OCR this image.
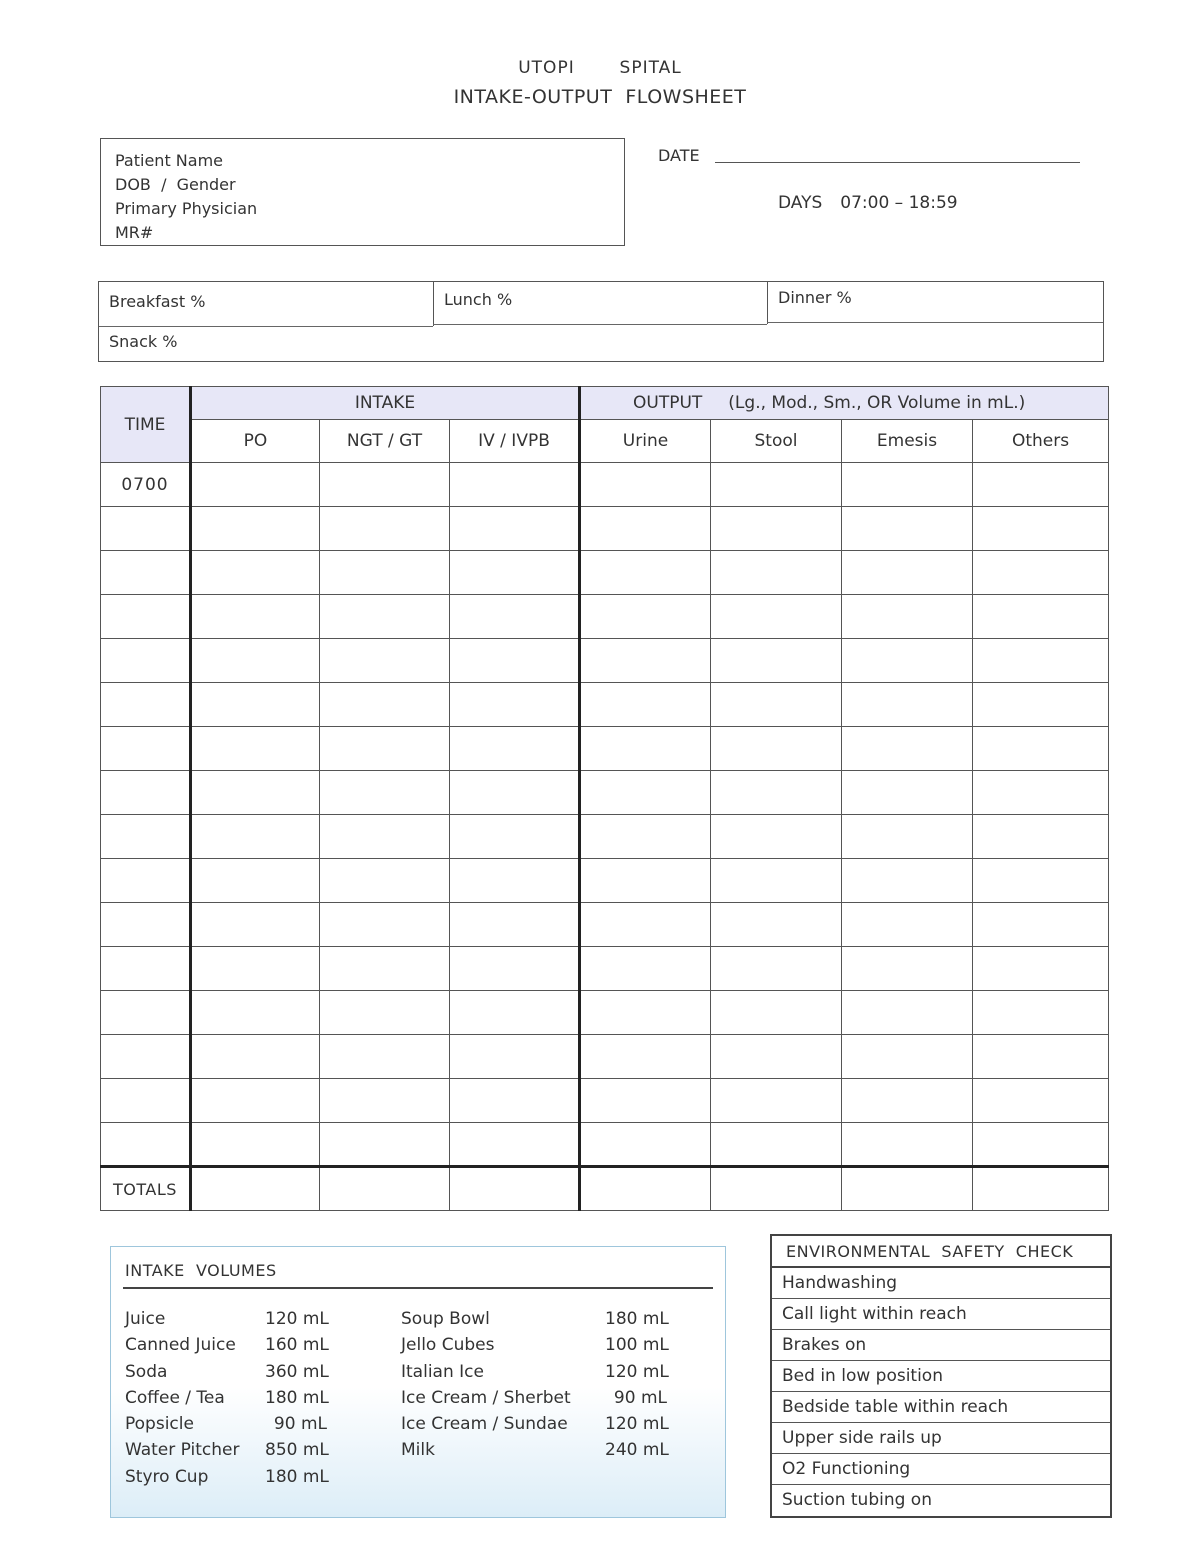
UTOPI       SPITAL
INTAKE-OUTPUT  FLOWSHEET
Patient Name
DOB  /  Gender
Primary Physician
MR#
DATE
DAYS 07:00 – 18:59
Breakfast %	Lunch %	Dinner %
Snack %
TIME	INTAKE			OUTPUT (Lg., Mod., Sm., OR Volume in mL.)			
	PO	NGT / GT	IV / IVPB	Urine	Stool	Emesis	Others
0700							

TOTALS							
INTAKE  VOLUMES
Juice	120 mL
Canned Juice 160 mL
Soda	360 mL
Coffee / Tea 180 mL
Popsicle	90 mL
Water Pitcher 850 mL
Styro Cup	180 mL
Soup Bowl	180 mL
Jello Cubes	100 mL
Italian Ice	120 mL
Ice Cream / Sherbet	90 mL
Ice Cream / Sundae 120 mL
Milk	240 mL
ENVIRONMENTAL  SAFETY  CHECK
Handwashing
Call light within reach
Brakes on
Bed in low position
Bedside table within reach
Upper side rails up
O2 Functioning
Suction tubing on
